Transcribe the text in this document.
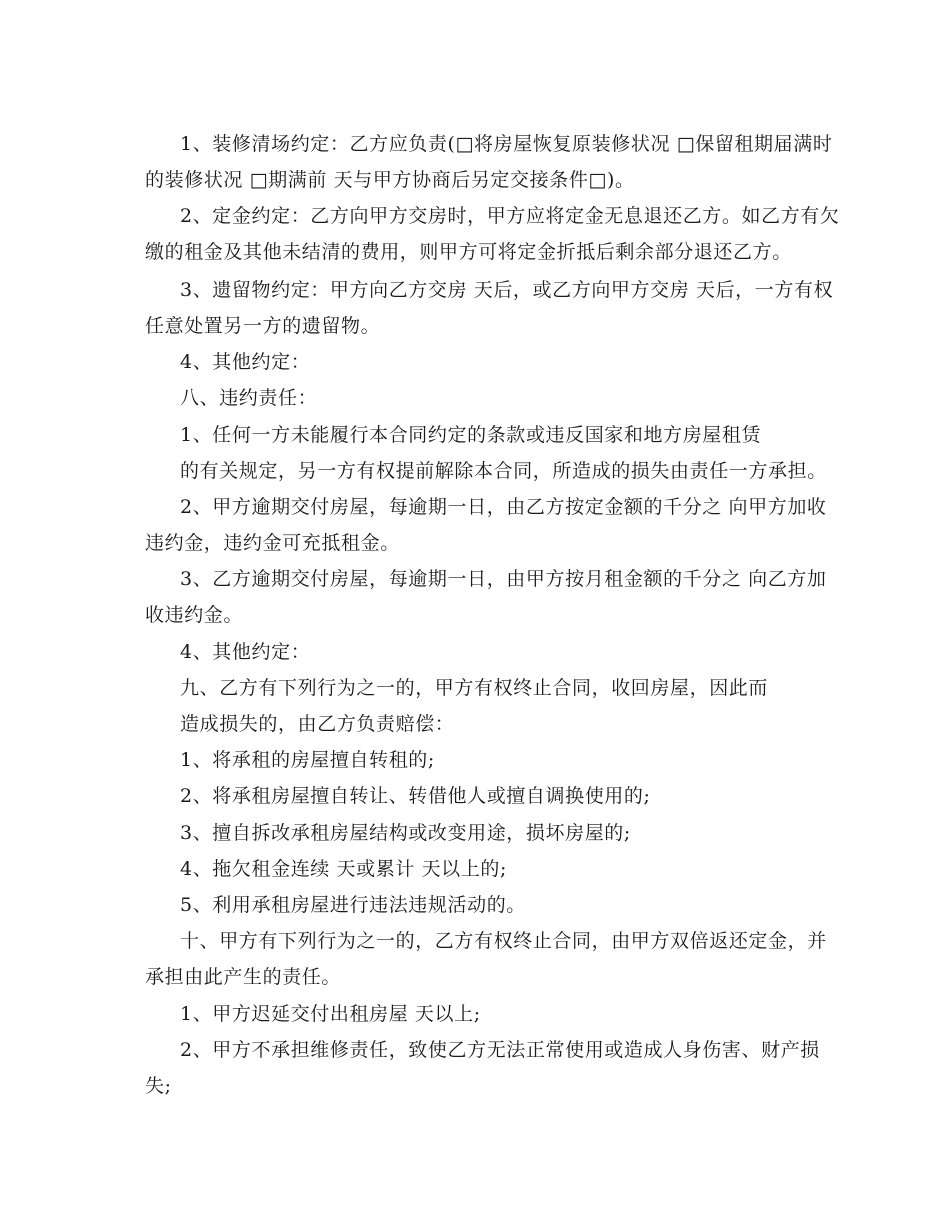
1、装修清场约定：乙方应负责(□将房屋恢复原装修状况 □保留租期届满时
的装修状况 □期满前 天与甲方协商后另定交接条件□)。
2、定金约定：乙方向甲方交房时，甲方应将定金无息退还乙方。如乙方有欠
缴的租金及其他未结清的费用，则甲方可将定金折抵后剩余部分退还乙方。
3、遗留物约定：甲方向乙方交房 天后，或乙方向甲方交房 天后，一方有权
任意处置另一方的遗留物。
4、其他约定：
八、违约责任：
1、任何一方未能履行本合同约定的条款或违反国家和地方房屋租赁
的有关规定，另一方有权提前解除本合同，所造成的损失由责任一方承担。
2、甲方逾期交付房屋，每逾期一日，由乙方按定金额的千分之 向甲方加收
违约金，违约金可充抵租金。
3、乙方逾期交付房屋，每逾期一日，由甲方按月租金额的千分之 向乙方加
收违约金。
4、其他约定：
九、乙方有下列行为之一的，甲方有权终止合同，收回房屋，因此而
造成损失的，由乙方负责赔偿：
1、将承租的房屋擅自转租的;
2、将承租房屋擅自转让、转借他人或擅自调换使用的;
3、擅自拆改承租房屋结构或改变用途，损坏房屋的;
4、拖欠租金连续 天或累计 天以上的;
5、利用承租房屋进行违法违规活动的。
十、甲方有下列行为之一的，乙方有权终止合同，由甲方双倍返还定金，并
承担由此产生的责任。
1、甲方迟延交付出租房屋 天以上;
2、甲方不承担维修责任，致使乙方无法正常使用或造成人身伤害、财产损
失;
